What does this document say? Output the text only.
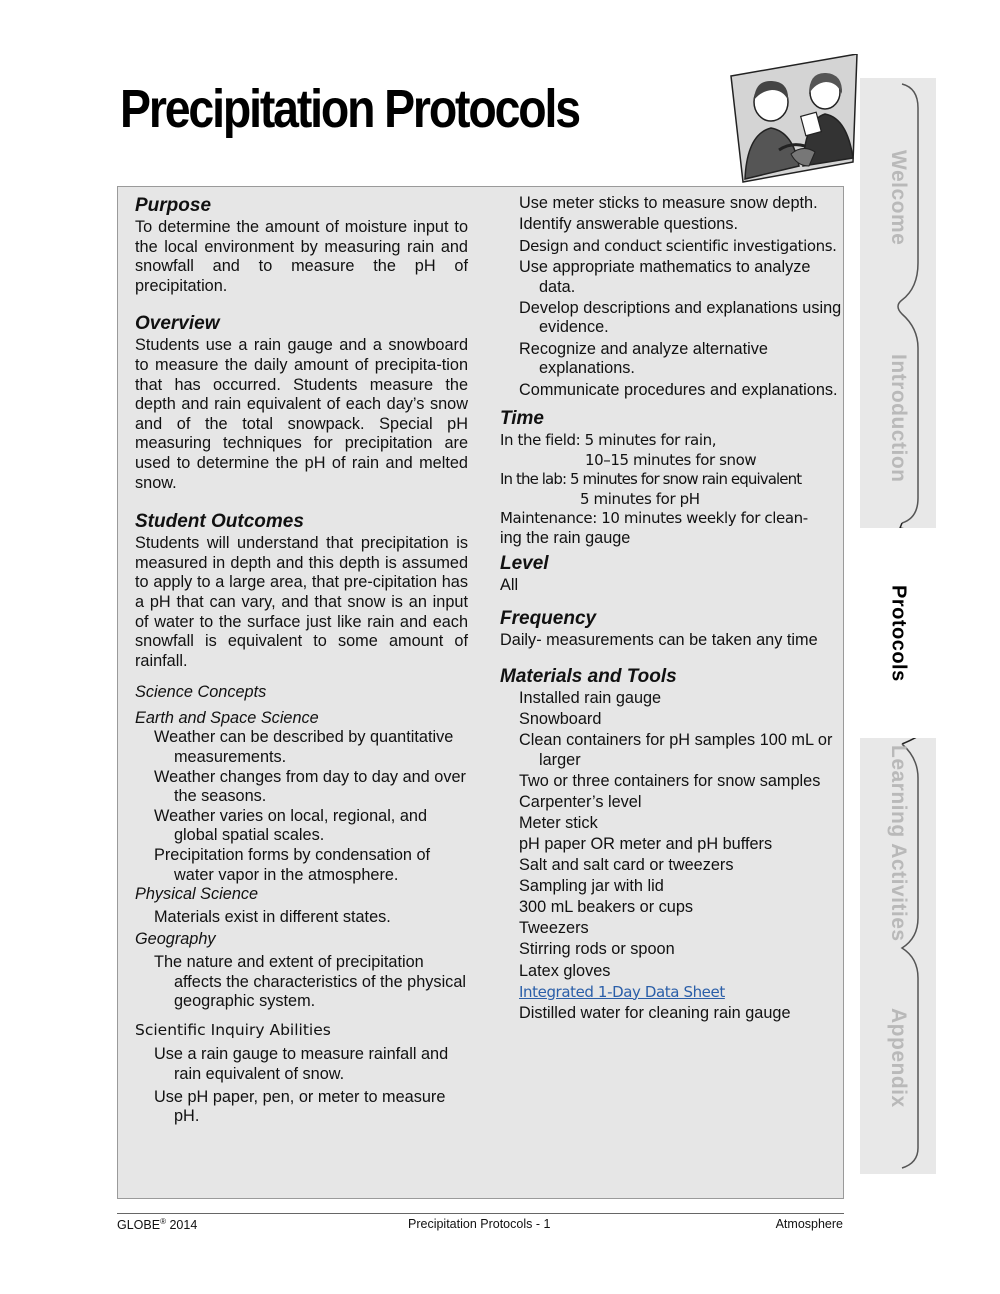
Precipitation Protocols
Purpose

To determine the amount of moisture input to the local environment by measuring rain and snowfall and to measure the pH of precipitation.

Overview

Students use a rain gauge and a snowboard to measure the daily amount of precipita-tion that has occurred. Students measure the depth and rain equivalent of each day’s snow and of the total snowpack. Special pH measuring techniques for precipitation are used to determine the pH of rain and melted snow.

Student Outcomes

Students will understand that precipitation is measured in depth and this depth is assumed to apply to a large area, that pre-cipitation has a pH that can vary, and that snow is an input of water to the surface just like rain and each snowfall is equivalent to some amount of rainfall.

Science Concepts

Earth and Space Science

Weather can be described by quantitative measurements.

Weather changes from day to day and over the seasons.

Weather varies on local, regional, and global spatial scales.

Precipitation forms by condensation of water vapor in the atmosphere.

Physical Science

Materials exist in different states.

Geography

The nature and extent of precipitation affects the characteristics of the physical geographic system.

Scientific Inquiry Abilities

Use a rain gauge to measure rainfall and rain equivalent of snow.

Use pH paper, pen, or meter to measure pH.

Use meter sticks to measure snow depth.

Identify answerable questions.

Design and conduct scientific investigations.

Use appropriate mathematics to analyze data.

Develop descriptions and explanations using evidence.

Recognize and analyze alternative explanations.

Communicate procedures and explanations.

Time

In the field: 5 minutes for rain,

10–15 minutes for snow

In the lab: 5 minutes for snow rain equivalent

5 minutes for pH

Maintenance: 10 minutes weekly for clean-

ing the rain gauge

Level

All

Frequency

Daily- measurements can be taken any time

Materials and Tools

Installed rain gauge

Snowboard

Clean containers for pH samples 100 mL or larger

Two or three containers for snow samples

Carpenter’s level

Meter stick

pH paper OR meter and pH buffers

Salt and salt card or tweezers

Sampling jar with lid

300 mL beakers or cups

Tweezers

Stirring rods or spoon

Latex gloves

Integrated 1-Day Data Sheet

Distilled water for cleaning rain gauge

Welcome
Introduction
Protocols
Learning Activities
Appendix
GLOBE® 2014	Precipitation Protocols - 1	Atmosphere
